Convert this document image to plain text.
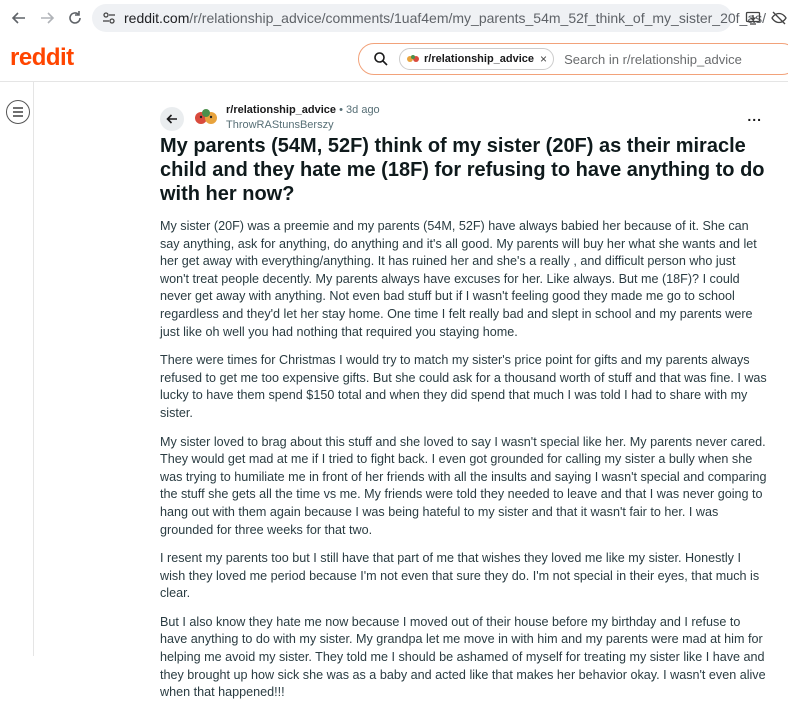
reddit.com/r/relationship_advice/comments/1uaf4em/my_parents_54m_52f_think_of_my_sister_20f_as/
reddit	r/relationship_advice ×
Search in r/relationship_advice
r/relationship_advice • 3d ago
ThrowRAStunsBerszy
...
My parents (54M, 52F) think of my sister (20F) as their miracle child and they hate me (18F) for refusing to have anything to do with her now?

My sister (20F) was a preemie and my parents (54M, 52F) have always babied her because of it. She can say anything, ask for anything, do anything and it's all good. My parents will buy her what she wants and let her get away with everything/anything. It has ruined her and she's a really , and difficult person who just won't treat people decently. My parents always have excuses for her. Like always. But me (18F)? I could never get away with anything. Not even bad stuff but if I wasn't feeling good they made me go to school regardless and they'd let her stay home. One time I felt really bad and slept in school and my parents were just like oh well you had nothing that required you staying home.

There were times for Christmas I would try to match my sister's price point for gifts and my parents always refused to get me too expensive gifts. But she could ask for a thousand worth of stuff and that was fine. I was lucky to have them spend $150 total and when they did spend that much I was told I had to share with my sister.

My sister loved to brag about this stuff and she loved to say I wasn't special like her. My parents never cared. They would get mad at me if I tried to fight back. I even got grounded for calling my sister a bully when she was trying to humiliate me in front of her friends with all the insults and saying I wasn't special and comparing the stuff she gets all the time vs me. My friends were told they needed to leave and that I was never going to hang out with them again because I was being hateful to my sister and that it wasn't fair to her. I was grounded for three weeks for that two.

I resent my parents too but I still have that part of me that wishes they loved me like my sister. Honestly I wish they loved me period because I'm not even that sure they do. I'm not special in their eyes, that much is clear.

But I also know they hate me now because I moved out of their house before my birthday and I refuse to have anything to do with my sister. My grandpa let me move in with him and my parents were mad at him for helping me avoid my sister. They told me I should be ashamed of myself for treating my sister like I have and they brought up how sick she was as a baby and acted like that makes her behavior okay. I wasn't even alive when that happened!!!
